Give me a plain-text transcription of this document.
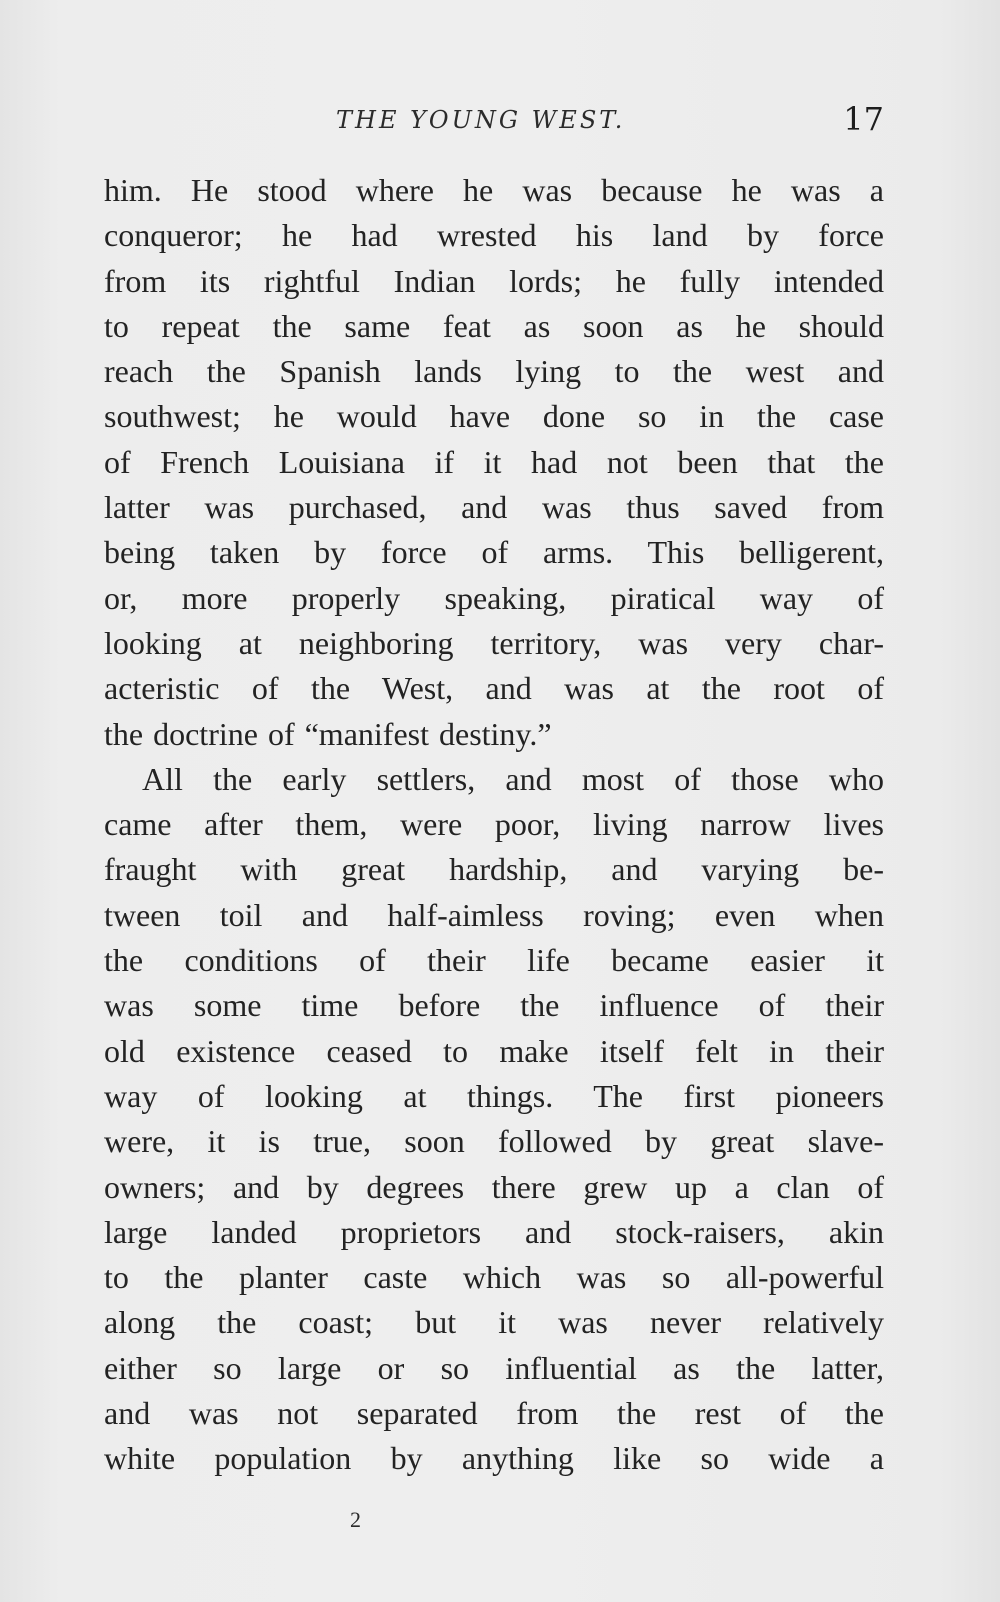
THE YOUNG WEST.	17
him. He stood where he was because he was a
conqueror; he had wrested his land by force
from its rightful Indian lords; he fully intended
to repeat the same feat as soon as he should
reach the Spanish lands lying to the west and
southwest; he would have done so in the case
of French Louisiana if it had not been that the
latter was purchased, and was thus saved from
being taken by force of arms. This belligerent,
or, more properly speaking, piratical way of
looking at neighboring territory, was very char-
acteristic of the West, and was at the root of
the doctrine of “manifest destiny.”
All the early settlers, and most of those who
came after them, were poor, living narrow lives
fraught with great hardship, and varying be-
tween toil and half-aimless roving; even when
the conditions of their life became easier it
was some time before the influence of their
old existence ceased to make itself felt in their
way of looking at things. The first pioneers
were, it is true, soon followed by great slave-
owners; and by degrees there grew up a clan of
large landed proprietors and stock-raisers, akin
to the planter caste which was so all-powerful
along the coast; but it was never relatively
either so large or so influential as the latter,
and was not separated from the rest of the
white population by anything like so wide a
2
